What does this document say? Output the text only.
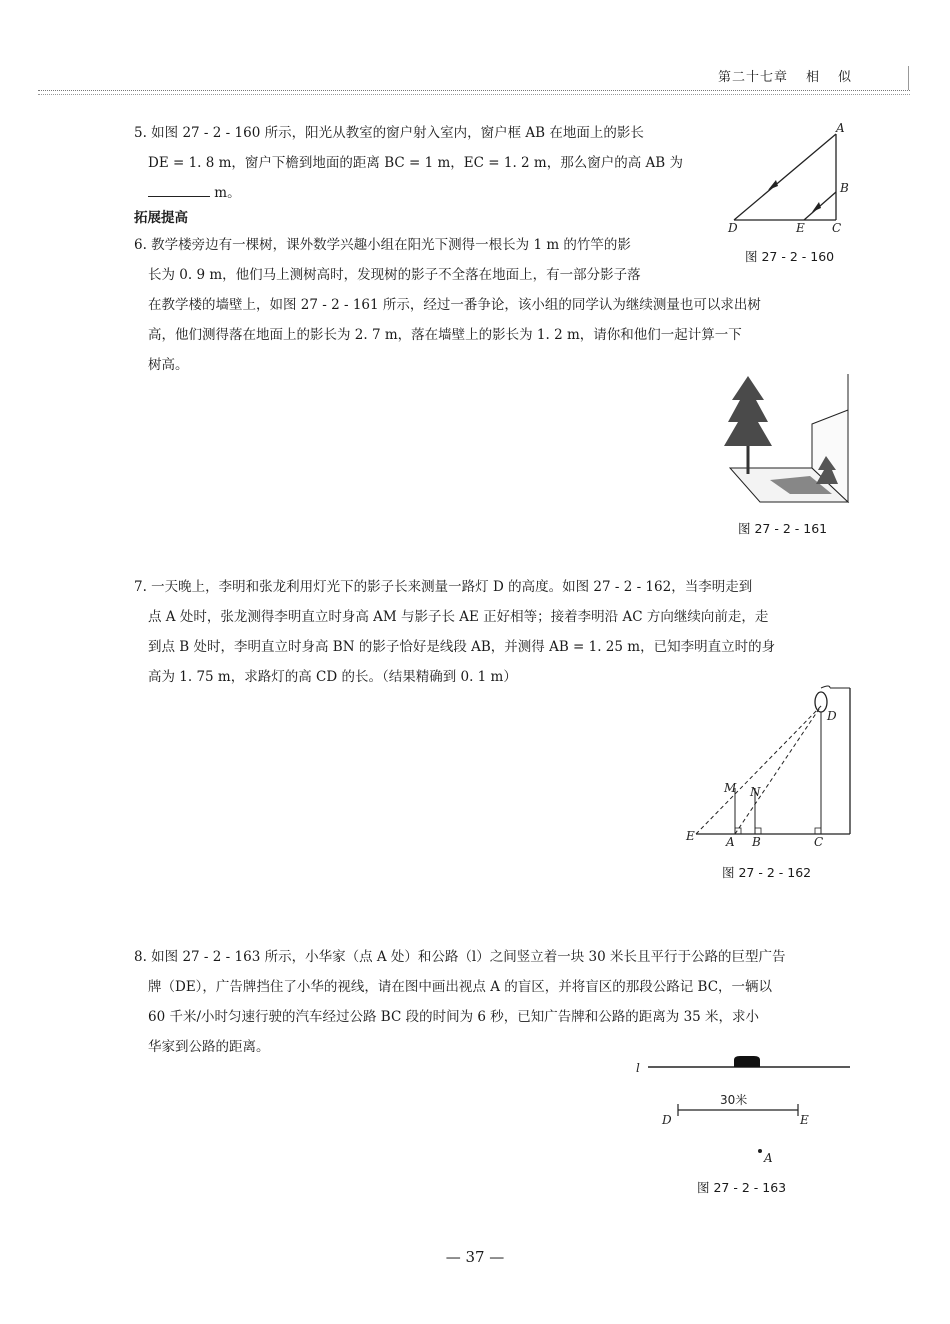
第二十七章 相 似
5. 如图 27 - 2 - 160 所示，阳光从教室的窗户射入室内，窗户框 AB 在地面上的影长
DE = 1. 8 m，窗户下檐到地面的距离 BC = 1 m，EC = 1. 2 m，那么窗户的高 AB 为
m。
A
B
C
D	E
图 27 - 2 - 160
拓展提高
6. 教学楼旁边有一棵树，课外数学兴趣小组在阳光下测得一根长为 1 m 的竹竿的影
长为 0. 9 m，他们马上测树高时，发现树的影子不全落在地面上，有一部分影子落
在教学楼的墙壁上，如图 27 - 2 - 161 所示，经过一番争论，该小组的同学认为继续测量也可以求出树
高，他们测得落在地面上的影长为 2. 7 m，落在墙壁上的影长为 1. 2 m，请你和他们一起计算一下
树高。
图 27 - 2 - 161
7. 一天晚上，李明和张龙利用灯光下的影子长来测量一路灯 D 的高度。如图 27 - 2 - 162，当李明走到
点 A 处时，张龙测得李明直立时身高 AM 与影子长 AE 正好相等；接着李明沿 AC 方向继续向前走，走
到点 B 处时，李明直立时身高 BN 的影子恰好是线段 AB，并测得 AB = 1. 25 m，已知李明直立时的身
高为 1. 75 m，求路灯的高 CD 的长。（结果精确到 0. 1 m）
M N
D
E	A B	C
图 27 - 2 - 162
8. 如图 27 - 2 - 163 所示，小华家（点 A 处）和公路（l）之间竖立着一块 30 米长且平行于公路的巨型广告
牌（DE），广告牌挡住了小华的视线，请在图中画出视点 A 的盲区，并将盲区的那段公路记 BC，一辆以
60 千米/小时匀速行驶的汽车经过公路 BC 段的时间为 6 秒，已知广告牌和公路的距离为 35 米，求小
华家到公路的距离。
l
30米
D	E
A
图 27 - 2 - 163
— 37 —
